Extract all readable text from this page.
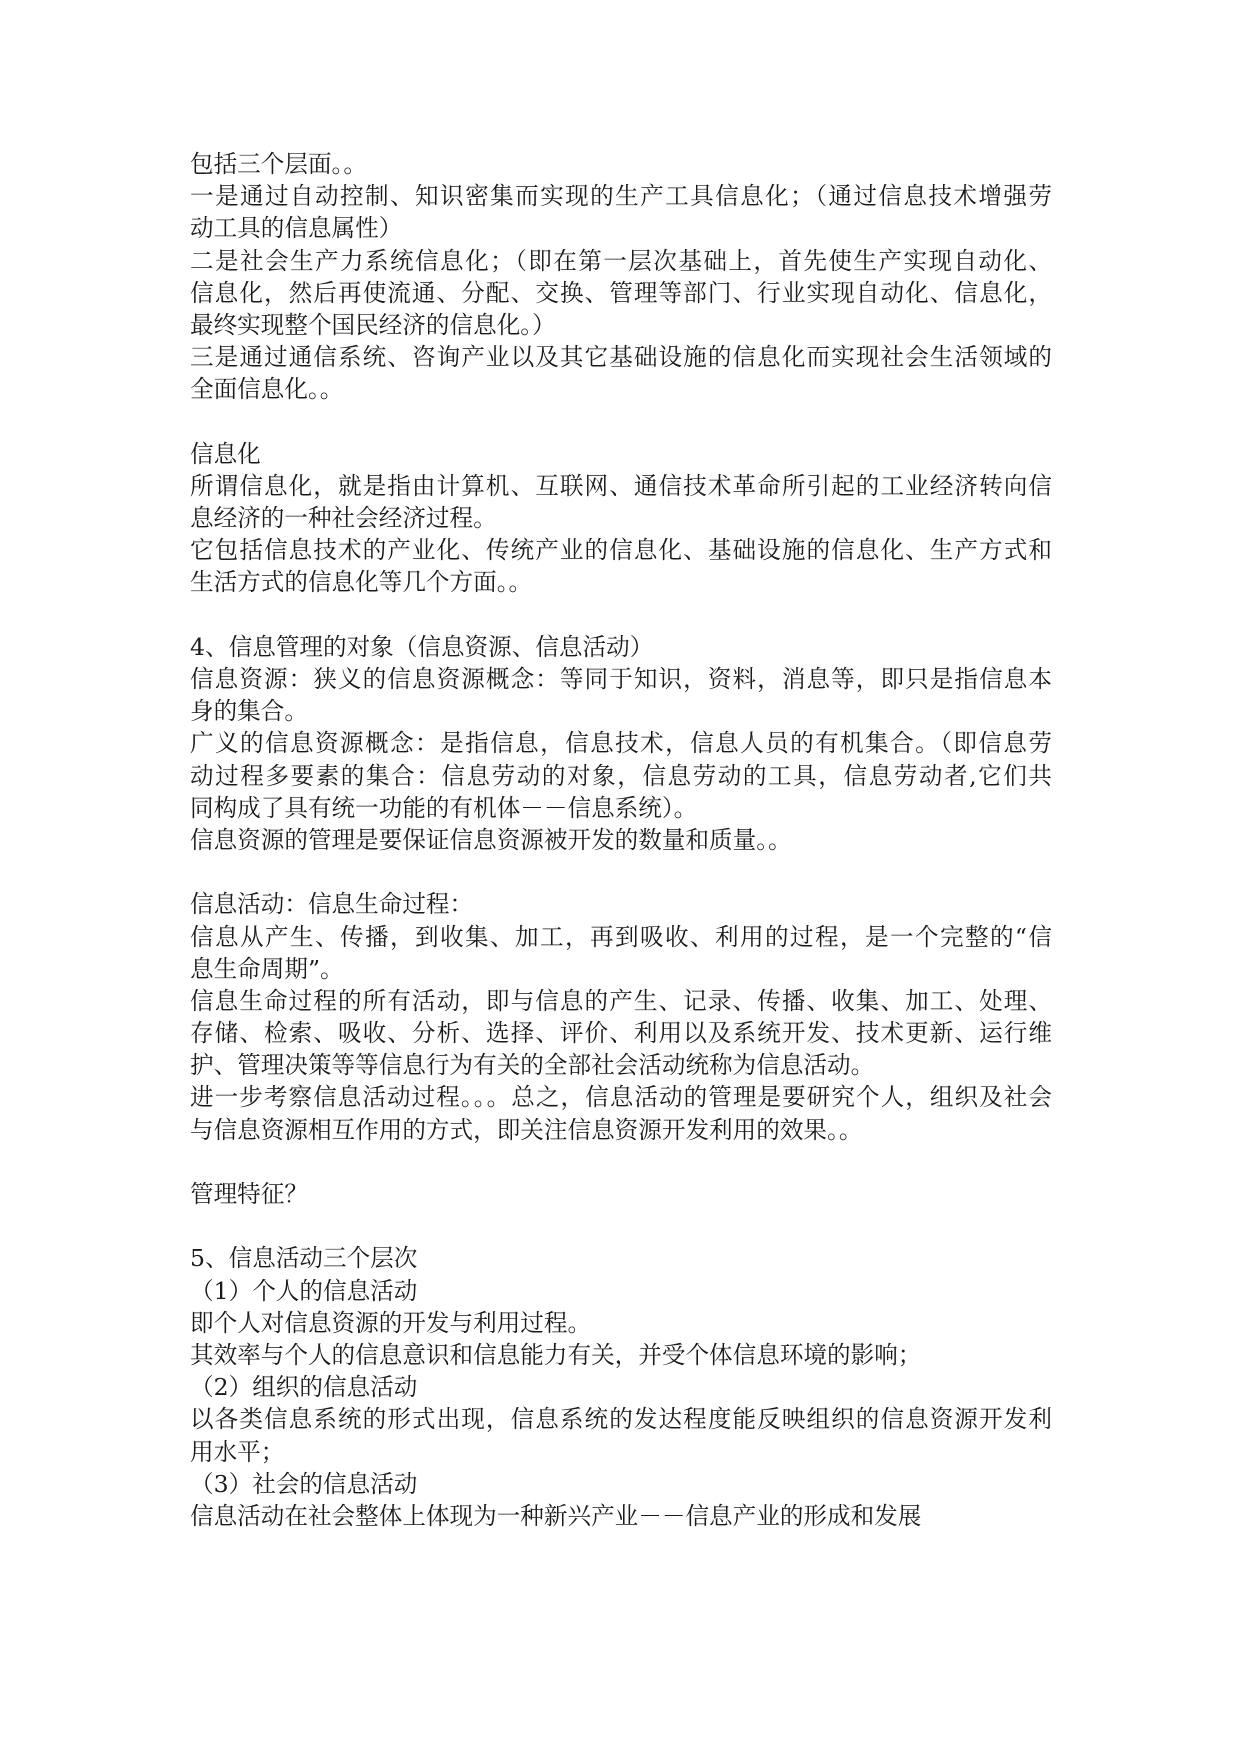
包括三个层面。。
一是通过自动控制、知识密集而实现的生产工具信息化；（通过信息技术增强劳
动工具的信息属性）
二是社会生产力系统信息化；（即在第一层次基础上，首先使生产实现自动化、
信息化，然后再使流通、分配、交换、管理等部门、行业实现自动化、信息化，
最终实现整个国民经济的信息化。）
三是通过通信系统、咨询产业以及其它基础设施的信息化而实现社会生活领域的
全面信息化。。
信息化
所谓信息化，就是指由计算机、互联网、通信技术革命所引起的工业经济转向信
息经济的一种社会经济过程。
它包括信息技术的产业化、传统产业的信息化、基础设施的信息化、生产方式和
生活方式的信息化等几个方面。。
4、信息管理的对象（信息资源、信息活动）
信息资源：狭义的信息资源概念：等同于知识，资料，消息等，即只是指信息本
身的集合。
广义的信息资源概念：是指信息，信息技术，信息人员的有机集合。（即信息劳
动过程多要素的集合：信息劳动的对象，信息劳动的工具，信息劳动者,它们共
同构成了具有统一功能的有机体－－信息系统）。
信息资源的管理是要保证信息资源被开发的数量和质量。。
信息活动：信息生命过程：
信息从产生、传播，到收集、加工，再到吸收、利用的过程，是一个完整的“信
息生命周期”。
信息生命过程的所有活动，即与信息的产生、记录、传播、收集、加工、处理、
存储、检索、吸收、分析、选择、评价、利用以及系统开发、技术更新、运行维
护、管理决策等等信息行为有关的全部社会活动统称为信息活动。
进一步考察信息活动过程。。。总之，信息活动的管理是要研究个人，组织及社会
与信息资源相互作用的方式，即关注信息资源开发利用的效果。。
管理特征？
5、信息活动三个层次
（1）个人的信息活动
即个人对信息资源的开发与利用过程。
其效率与个人的信息意识和信息能力有关，并受个体信息环境的影响；
（2）组织的信息活动
以各类信息系统的形式出现，信息系统的发达程度能反映组织的信息资源开发利
用水平；
（3）社会的信息活动
信息活动在社会整体上体现为一种新兴产业－－信息产业的形成和发展
